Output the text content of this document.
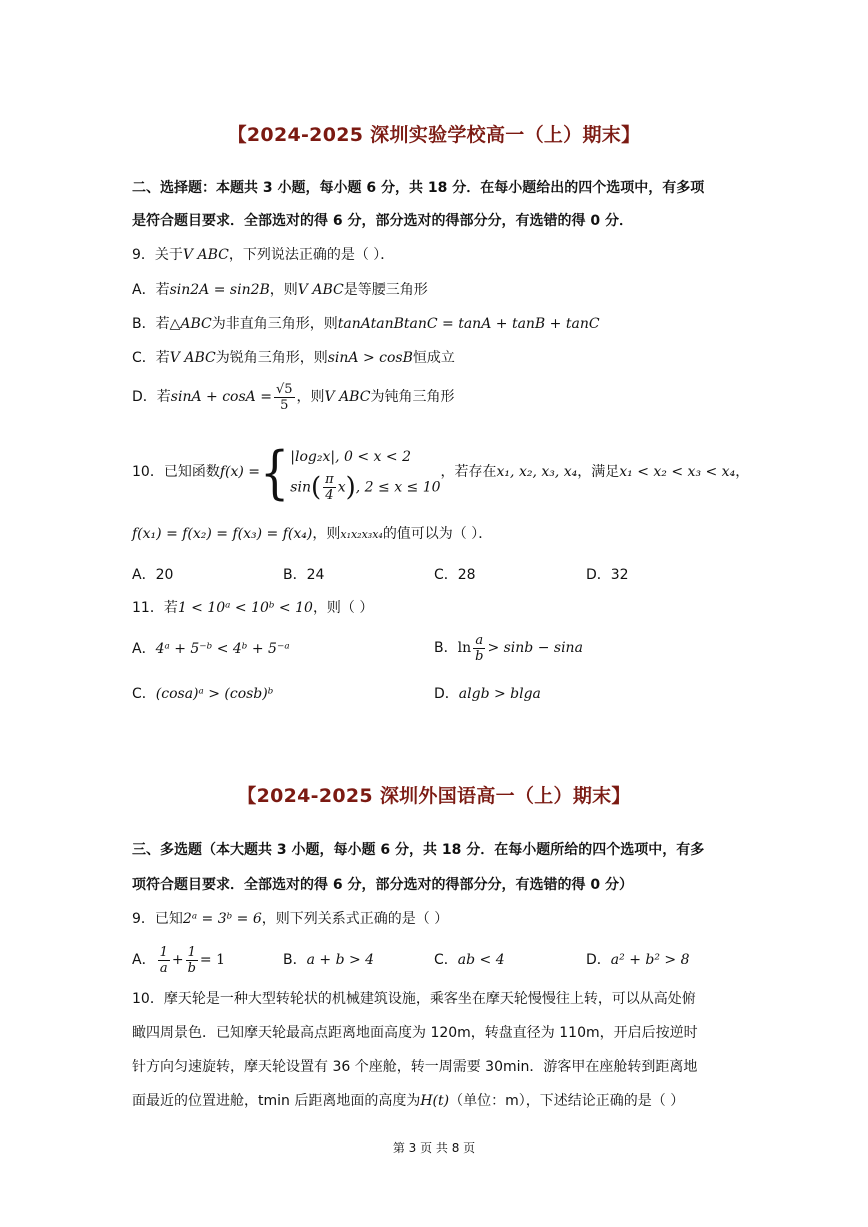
【2024-2025 深圳实验学校高一（上）期末】
二、选择题：本题共 3 小题，每小题 6 分，共 18 分．在每小题给出的四个选项中，有多项
是符合题目要求．全部选对的得 6 分，部分选对的得部分分，有选错的得 0 分．
9．关于V ABC，下列说法正确的是（ ）．
A．若sin2A = sin2B，则V ABC是等腰三角形
B．若△ABC为非直角三角形，则tanAtanBtanC = tanA + tanB + tanC
C．若V ABC为锐角三角形，则sinA > cosB恒成立
D．若$\sin A + \cos A = \frac{√5}{5}$ ，则V ABC为钝角三角形
10．已知函数f(x) ={ |log₂x|, 0 < x < 2
$\sin( \frac{\pi}{4} x)$, 2 ≤ x ≤ 10
，若存在x₁, x₂, x₃, x₄，满足x₁ < x₂ < x₃ < x₄，
f(x₁) = f(x₂) = f(x₃) = f(x₄)，则x₁x₂x₃x₄的值可以为（ ）．
A．20	B．24	C．28	D．32
11．若1 < 10ᵃ < 10ᵇ < 10，则（ ）
A．4ᵃ + 5⁻ᵇ < 4ᵇ + 5⁻ᵃ	B．$\ln \frac{a}{b} > \sin b - \sin a$
C．(cosa)ᵃ > (cosb)ᵇ	D．algb > blga
【2024-2025 深圳外国语高一（上）期末】
三、多选题（本大题共 3 小题，每小题 6 分，共 18 分．在每小题所给的四个选项中，有多
项符合题目要求．全部选对的得 6 分，部分选对的得部分分，有选错的得 0 分）
9．已知2ᵃ = 3ᵇ = 6，则下列关系式正确的是（ ）
A． $\frac{1}{a} + \frac{1}{b} = 1$	B．a + b > 4	C．ab < 4	D．a² + b² > 8
10．摩天轮是一种大型转轮状的机械建筑设施，乘客坐在摩天轮慢慢往上转，可以从高处俯
瞰四周景色．已知摩天轮最高点距离地面高度为 120m，转盘直径为 110m，开启后按逆时
针方向匀速旋转，摩天轮设置有 36 个座舱，转一周需要 30min．游客甲在座舱转到距离地
面最近的位置进舱，tmin 后距离地面的高度为H(t)（单位：m），下述结论正确的是（ ）
第 3 页 共 8 页
